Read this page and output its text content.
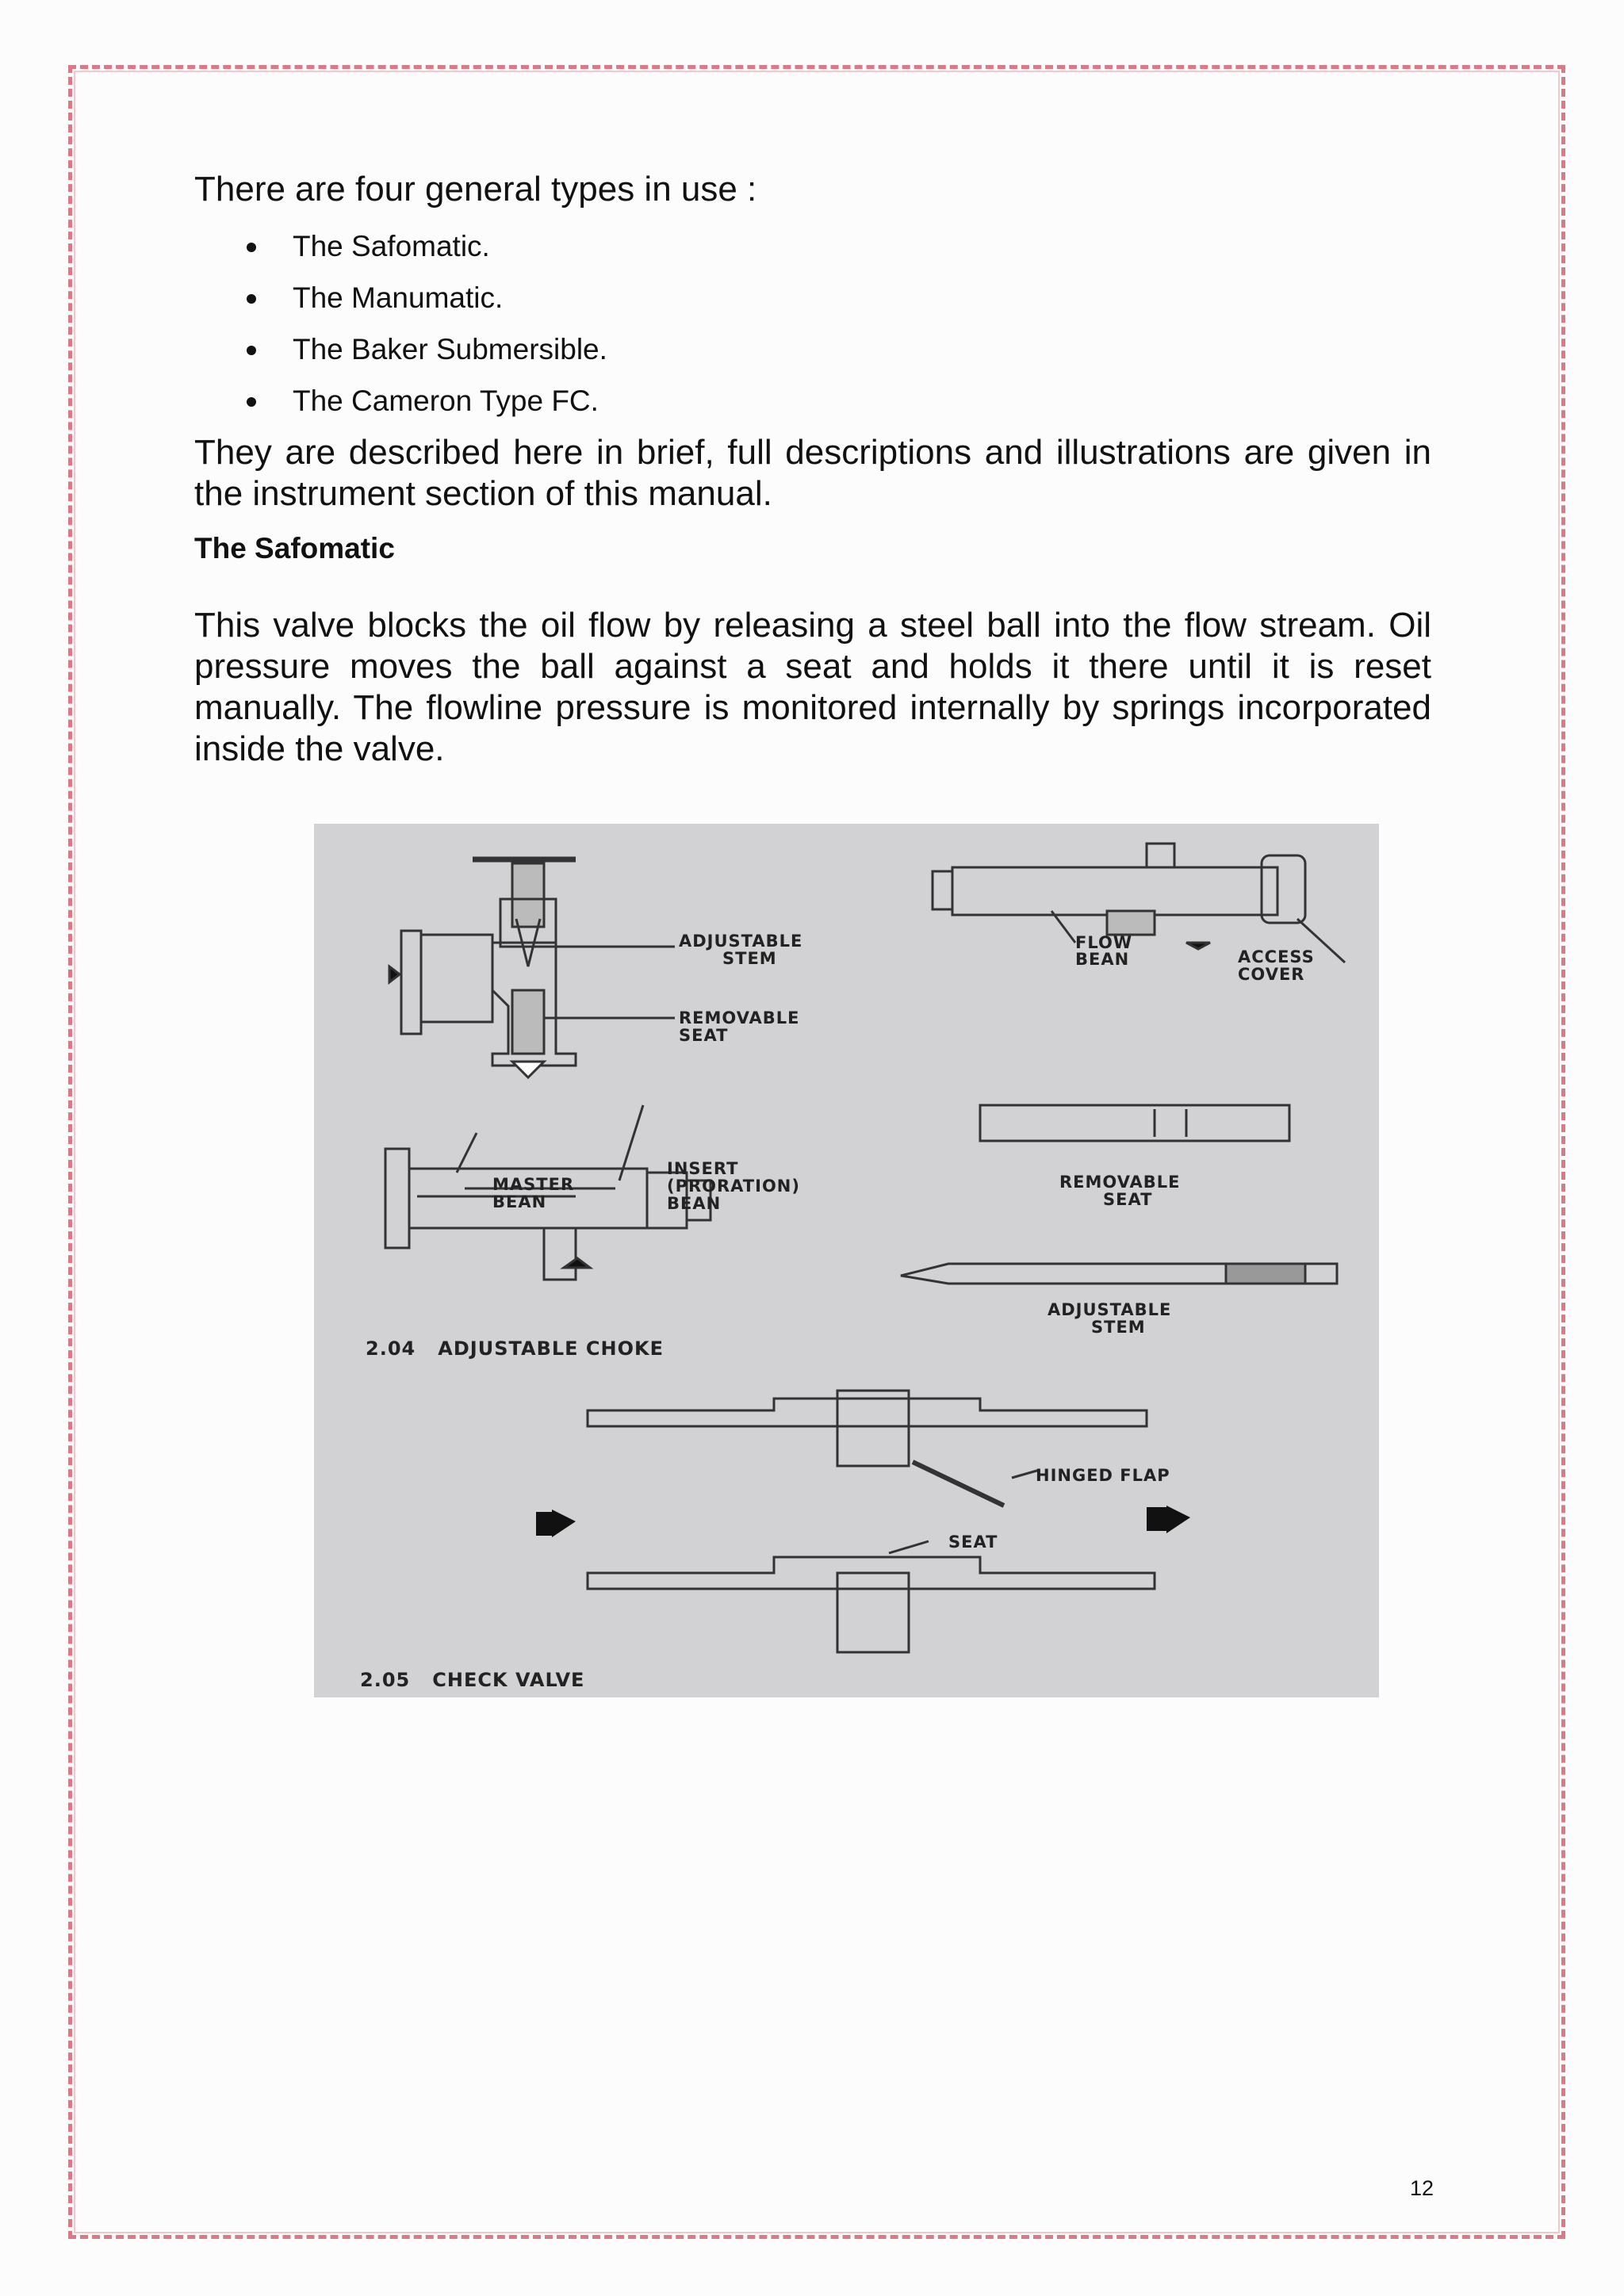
There are four general types in use :

The Safomatic.
The Manumatic.
The Baker Submersible.
The Cameron Type FC.

They are described here in brief, full descriptions and illustrations are given in the instrument section of this manual.

The Safomatic

This valve blocks the oil flow by releasing a steel ball into the flow stream. Oil pressure moves the ball against a seat and holds it there until it is reset manually. The flowline pressure is monitored internally by springs incorporated inside the valve.

ADJUSTABLE
STEM
REMOVABLE
SEAT
FLOW
BEAN	ACCESS
COVER
MASTER
BEAN
INSERT
(PRORATION)
BEAN
REMOVABLE
SEAT
ADJUSTABLE
STEM
HINGED FLAP
SEAT
2.04   ADJUSTABLE CHOKE
2.05   CHECK VALVE
12
